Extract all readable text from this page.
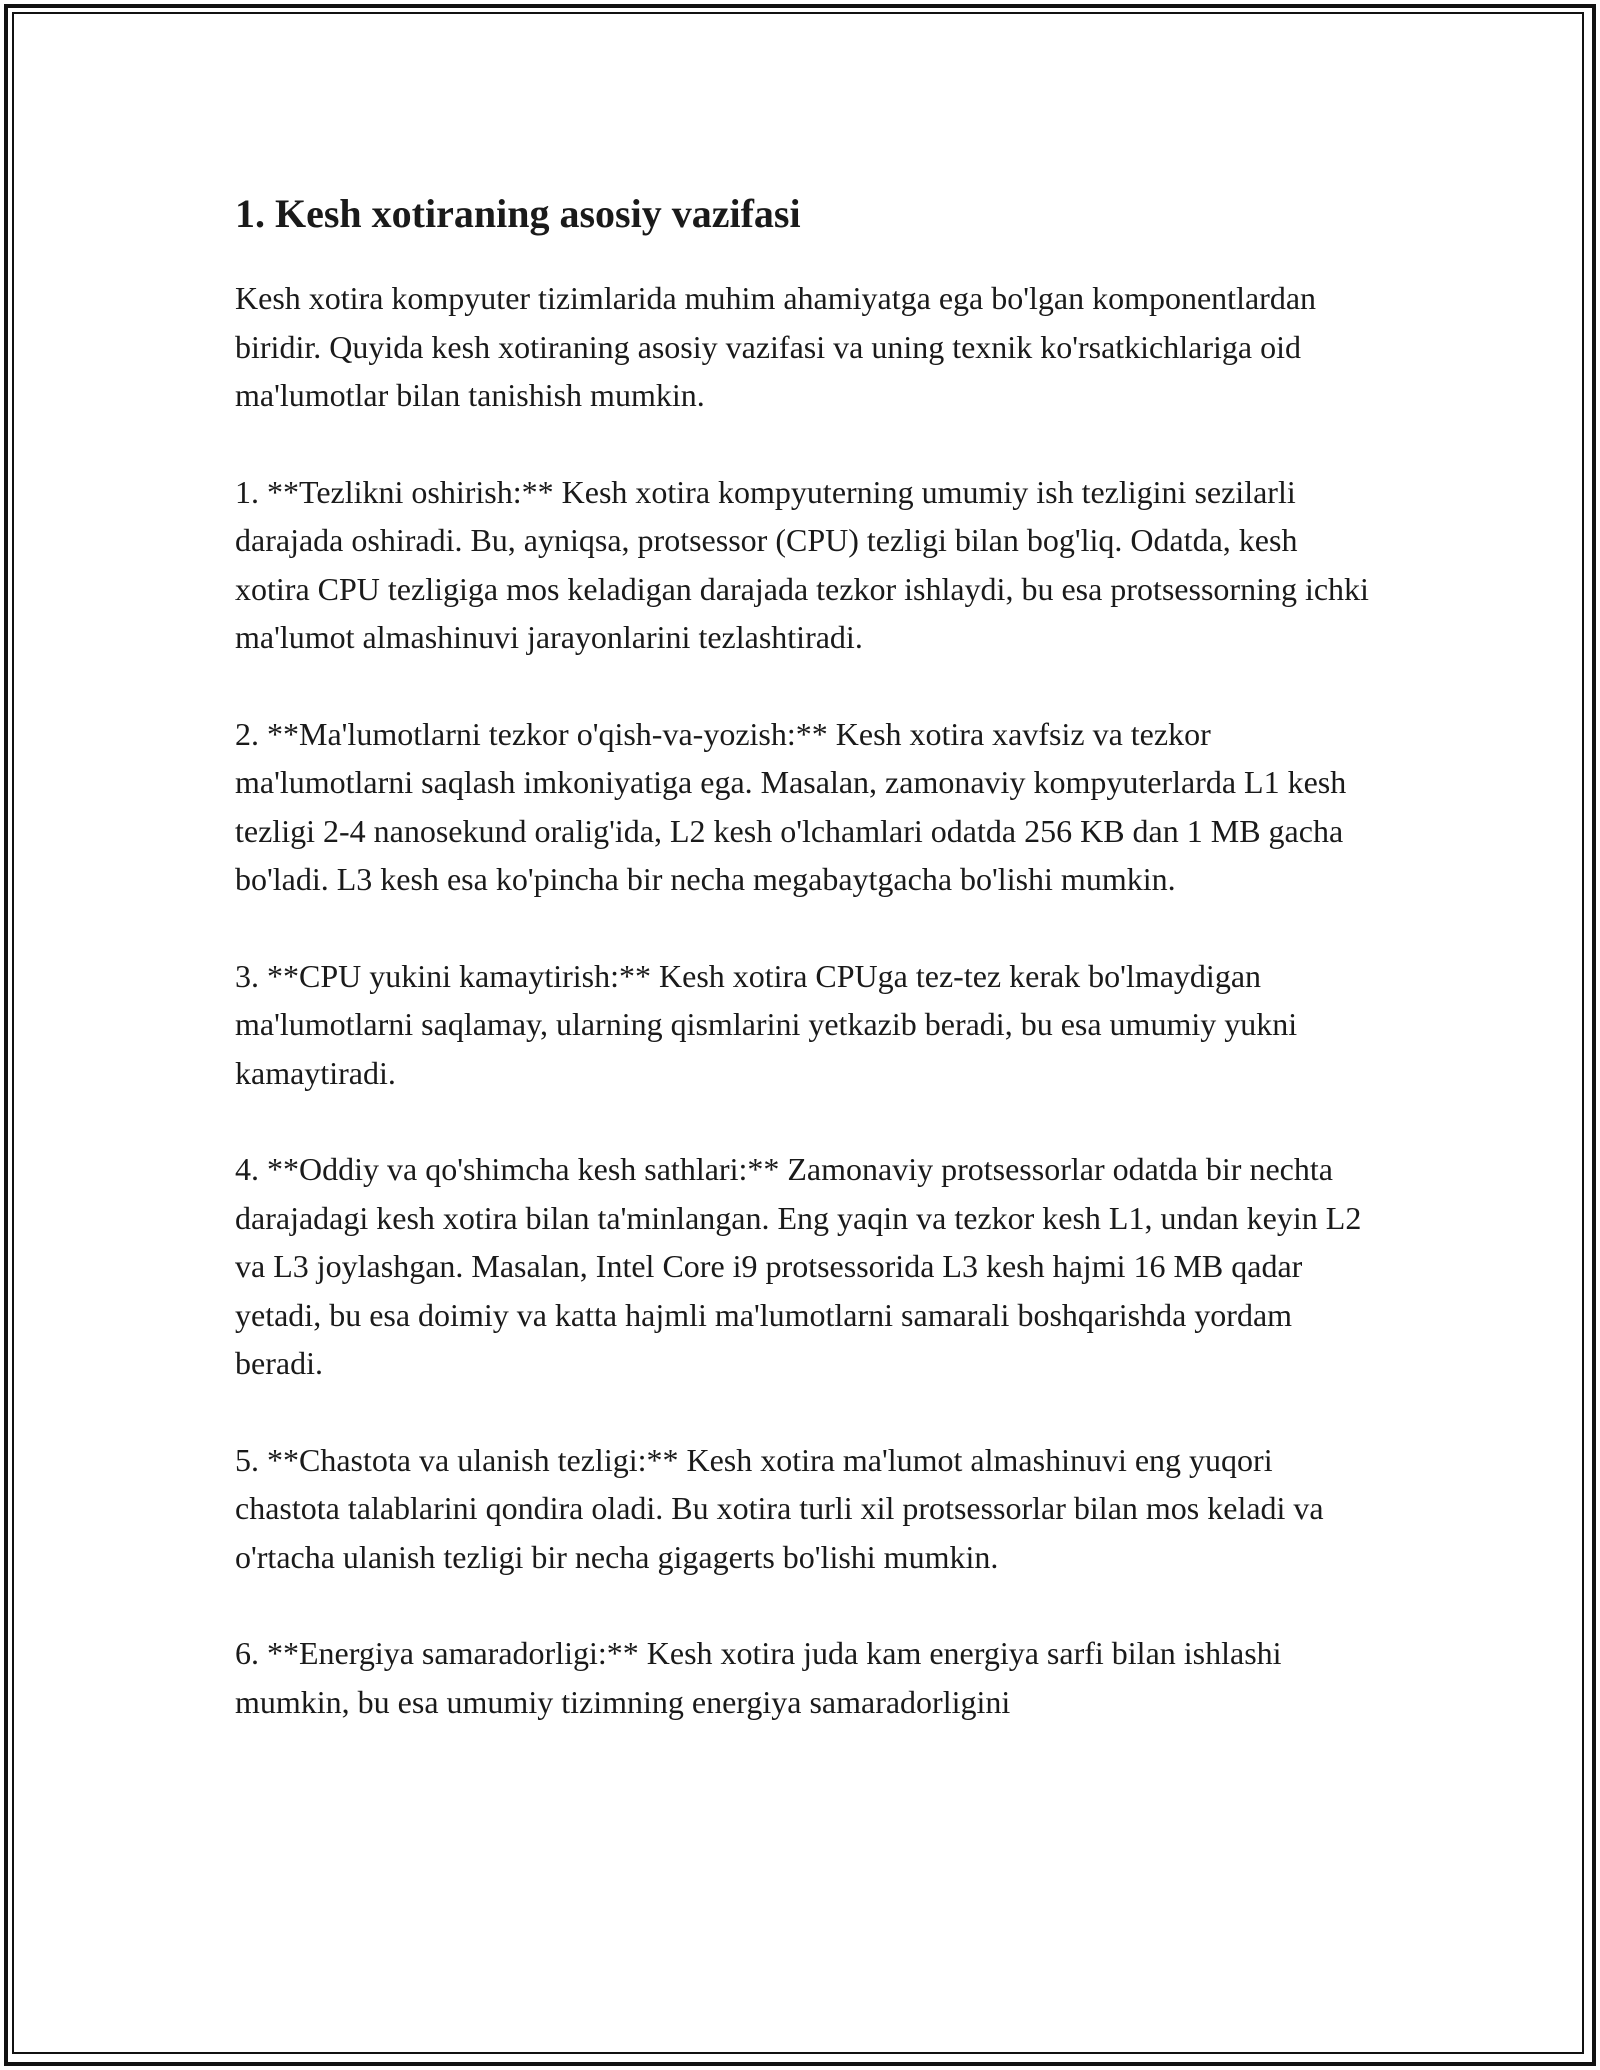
1. Kesh xotiraning asosiy vazifasi

Kesh xotira kompyuter tizimlarida muhim ahamiyatga ega bo'lgan komponentlardan biridir. Quyida kesh xotiraning asosiy vazifasi va uning texnik ko'rsatkichlariga oid ma'lumotlar bilan tanishish mumkin.

1. **Tezlikni oshirish:** Kesh xotira kompyuterning umumiy ish tezligini sezilarli darajada oshiradi. Bu, ayniqsa, protsessor (CPU) tezligi bilan bog'liq. Odatda, kesh xotira CPU tezligiga mos keladigan darajada tezkor ishlaydi, bu esa protsessorning ichki ma'lumot almashinuvi jarayonlarini tezlashtiradi.

2. **Ma'lumotlarni tezkor o'qish-va-yozish:** Kesh xotira xavfsiz va tezkor ma'lumotlarni saqlash imkoniyatiga ega. Masalan, zamonaviy kompyuterlarda L1 kesh tezligi 2-4 nanosekund oralig'ida, L2 kesh o'lchamlari odatda 256 KB dan 1 MB gacha bo'ladi. L3 kesh esa ko'pincha bir necha megabaytgacha bo'lishi mumkin.

3. **CPU yukini kamaytirish:** Kesh xotira CPUga tez-tez kerak bo'lmaydigan ma'lumotlarni saqlamay, ularning qismlarini yetkazib beradi, bu esa umumiy yukni kamaytiradi.

4. **Oddiy va qo'shimcha kesh sathlari:** Zamonaviy protsessorlar odatda bir nechta darajadagi kesh xotira bilan ta'minlangan. Eng yaqin va tezkor kesh L1, undan keyin L2 va L3 joylashgan. Masalan, Intel Core i9 protsessorida L3 kesh hajmi 16 MB qadar yetadi, bu esa doimiy va katta hajmli ma'lumotlarni samarali boshqarishda yordam beradi.

5. **Chastota va ulanish tezligi:** Kesh xotira ma'lumot almashinuvi eng yuqori chastota talablarini qondira oladi. Bu xotira turli xil protsessorlar bilan mos keladi va o'rtacha ulanish tezligi bir necha gigagerts bo'lishi mumkin.

6. **Energiya samaradorligi:** Kesh xotira juda kam energiya sarfi bilan ishlashi mumkin, bu esa umumiy tizimning energiya samaradorligini
